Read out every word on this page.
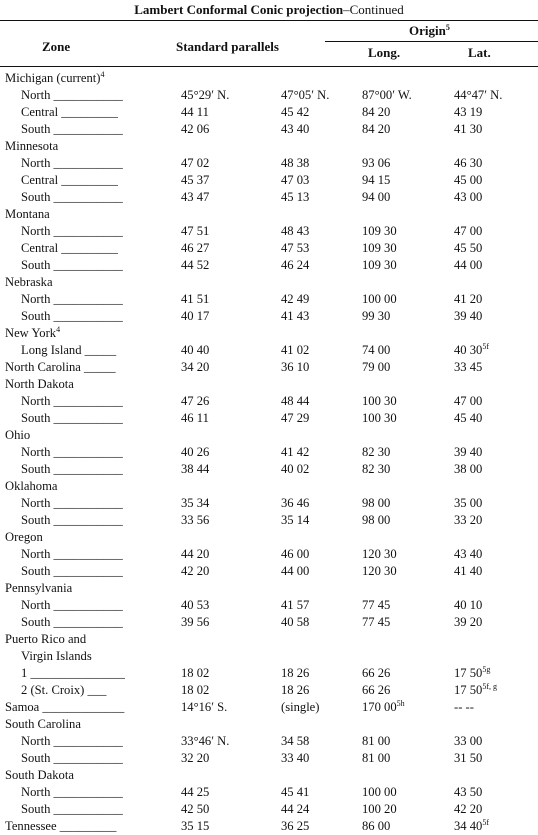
Lambert Conformal Conic projection–Continued
Zone	Standard parallels
Origin$^5$
Long.	Lat.
Michigan (current)$^4$
North ___________	45°29′ N.	47°05′ N.	87°00′ W.	44°47′ N.
Central _________	44 11	45 42	84 20	43 19
South ___________	42 06	43 40	84 20	41 30
Minnesota
North ___________	47 02	48 38	93 06	46 30
Central _________	45 37	47 03	94 15	45 00
South ___________	43 47	45 13	94 00	43 00
Montana
North ___________	47 51	48 43	109 30	47 00
Central _________	46 27	47 53	109 30	45 50
South ___________	44 52	46 24	109 30	44 00
Nebraska
North ___________	41 51	42 49	100 00	41 20
South ___________	40 17	41 43	99 30	39 40
New York$^4$
Long Island _____	40 40	41 02	74 00	40 $30^{5f}$
North Carolina _____	34 20	36 10	79 00	33 45
North Dakota
North ___________	47 26	48 44	100 30	47 00
South ___________	46 11	47 29	100 30	45 40
Ohio
North ___________	40 26	41 42	82 30	39 40
South ___________	38 44	40 02	82 30	38 00
Oklahoma
North ___________	35 34	36 46	98 00	35 00
South ___________	33 56	35 14	98 00	33 20
Oregon
North ___________	44 20	46 00	120 30	43 40
South ___________	42 20	44 00	120 30	41 40
Pennsylvania
North ___________	40 53	41 57	77 45	40 10
South ___________	39 56	40 58	77 45	39 20
Puerto Rico and
Virgin Islands
1 _______________	18 02	18 26	66 26	17 $50^{5g}$
2 (St. Croix) ___	18 02	18 26	66 26	17 $50^{5f, g}$
Samoa _____________	14°16′ S.	(single)	170 $00^{5h}$	-- --
South Carolina
North ___________	33°46′ N.	34 58	81 00	33 00
South ___________	32 20	33 40	81 00	31 50
South Dakota
North ___________	44 25	45 41	100 00	43 50
South ___________	42 50	44 24	100 20	42 20
Tennessee _________	35 15	36 25	86 00	34 $40^{5f}$
